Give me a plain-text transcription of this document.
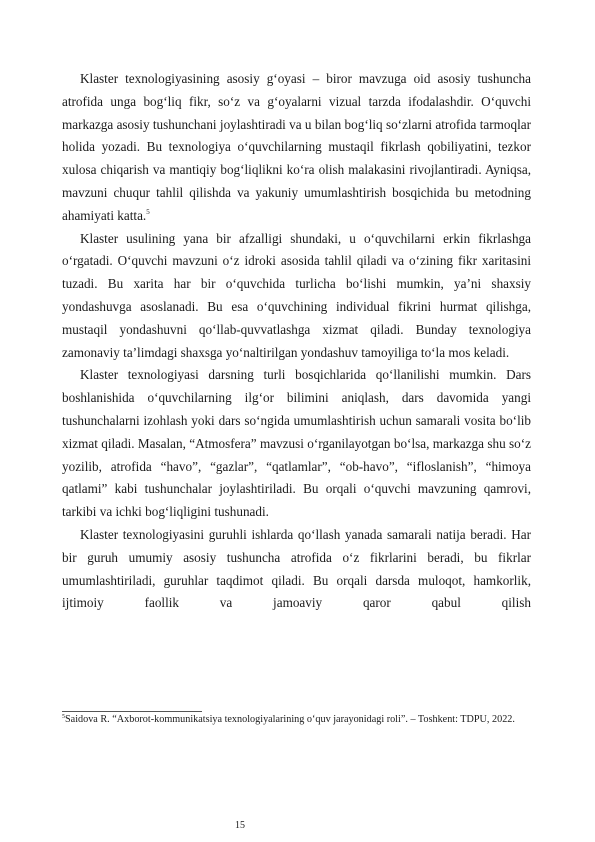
Klaster texnologiyasining asosiy g‘oyasi – biror mavzuga oid asosiy tushuncha atrofida unga bog‘liq fikr, so‘z va g‘oyalarni vizual tarzda ifodalashdir. O‘quvchi markazga asosiy tushunchani joylashtiradi va u bilan bog‘liq so‘zlarni atrofida tarmoqlar holida yozadi. Bu texnologiya o‘quvchilarning mustaqil fikrlash qobiliyatini, tezkor xulosa chiqarish va mantiqiy bog‘liqlikni ko‘ra olish malakasini rivojlantiradi. Ayniqsa, mavzuni chuqur tahlil qilishda va yakuniy umumlashtirish bosqichida bu metodning ahamiyati katta.$^5$

Klaster usulining yana bir afzalligi shundaki, u o‘quvchilarni erkin fikrlashga o‘rgatadi. O‘quvchi mavzuni o‘z idroki asosida tahlil qiladi va o‘zining fikr xaritasini tuzadi. Bu xarita har bir o‘quvchida turlicha bo‘lishi mumkin, ya’ni shaxsiy yondashuvga asoslanadi. Bu esa o‘quvchining individual fikrini hurmat qilishga, mustaqil yondashuvni qo‘llab-quvvatlashga xizmat qiladi. Bunday texnologiya zamonaviy ta’limdagi shaxsga yo‘naltirilgan yondashuv tamoyiliga to‘la mos keladi.

Klaster texnologiyasi darsning turli bosqichlarida qo‘llanilishi mumkin. Dars boshlanishida o‘quvchilarning ilg‘or bilimini aniqlash, dars davomida yangi tushunchalarni izohlash yoki dars so‘ngida umumlashtirish uchun samarali vosita bo‘lib xizmat qiladi. Masalan, “Atmosfera” mavzusi o‘rganilayotgan bo‘lsa, markazga shu so‘z yozilib, atrofida “havo”, “gazlar”, “qatlamlar”, “ob-havo”, “ifloslanish”, “himoya qatlami” kabi tushunchalar joylashtiriladi. Bu orqali o‘quvchi mavzuning qamrovi, tarkibi va ichki bog‘liqligini tushunadi.

Klaster texnologiyasini guruhli ishlarda qo‘llash yanada samarali natija beradi. Har bir guruh umumiy asosiy tushuncha atrofida o‘z fikrlarini beradi, bu fikrlar umumlashtiriladi, guruhlar taqdimot qiladi. Bu orqali darsda muloqot, hamkorlik, ijtimoiy faollik va jamoaviy qaror qabul qilish

$^5$Saidova R. “Axborot-kommunikatsiya texnologiyalarining o‘quv jarayonidagi roli”. – Toshkent: TDPU, 2022.

15
